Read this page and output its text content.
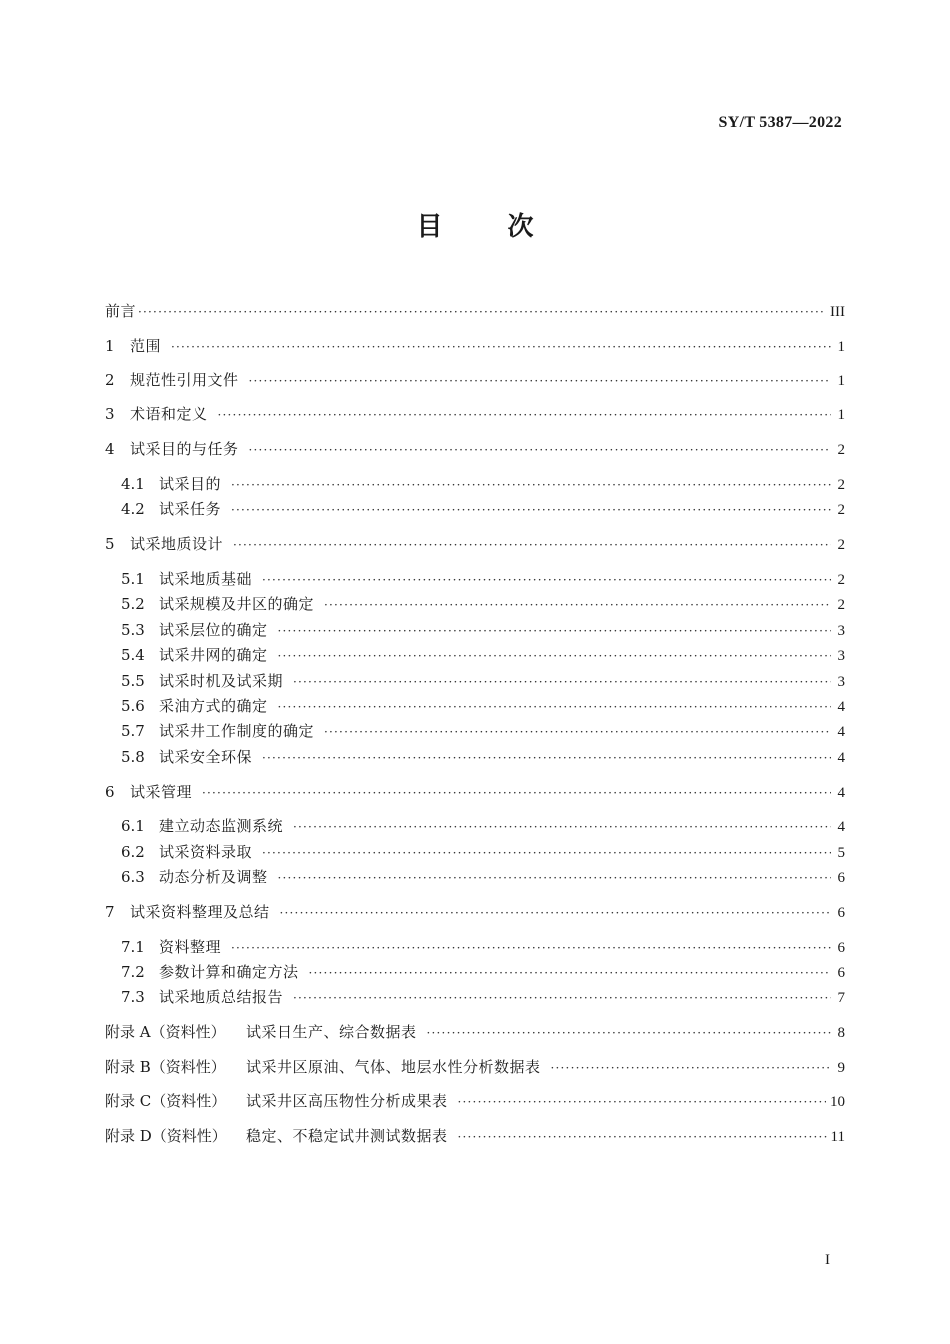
SY/T 5387—2022
目	次
前言 ·····	III
1	范围 ·····	1
2	规范性引用文件 ·····	1
3	术语和定义 ·····	1
4	试采目的与任务 ·····	2
4.1 试采目的 ·····	2
4.2 试采任务 ·····	2
5	试采地质设计 ·····	2
5.1 试采地质基础 ·····	2
5.2 试采规模及井区的确定 ·····	2
5.3 试采层位的确定 ·····	3
5.4 试采井网的确定 ·····	3
5.5 试采时机及试采期 ·····	3
5.6 采油方式的确定 ·····	4
5.7 试采井工作制度的确定 ·····	4
5.8 试采安全环保 ·····	4
6	试采管理 ·····	4
6.1 建立动态监测系统 ·····	4
6.2 试采资料录取 ·····	5
6.3 动态分析及调整 ·····	6
7	试采资料整理及总结 ·····	6
7.1 资料整理 ·····	6
7.2 参数计算和确定方法 ·····	6
7.3 试采地质总结报告 ·····	7
附录 A（资料性）	试采日生产、综合数据表 ·····	8
附录 B（资料性）	试采井区原油、气体、地层水性分析数据表 ·····	9
附录 C（资料性）	试采井区高压物性分析成果表 ·····	10
附录 D（资料性）	稳定、不稳定试井测试数据表 ·····	11
I
